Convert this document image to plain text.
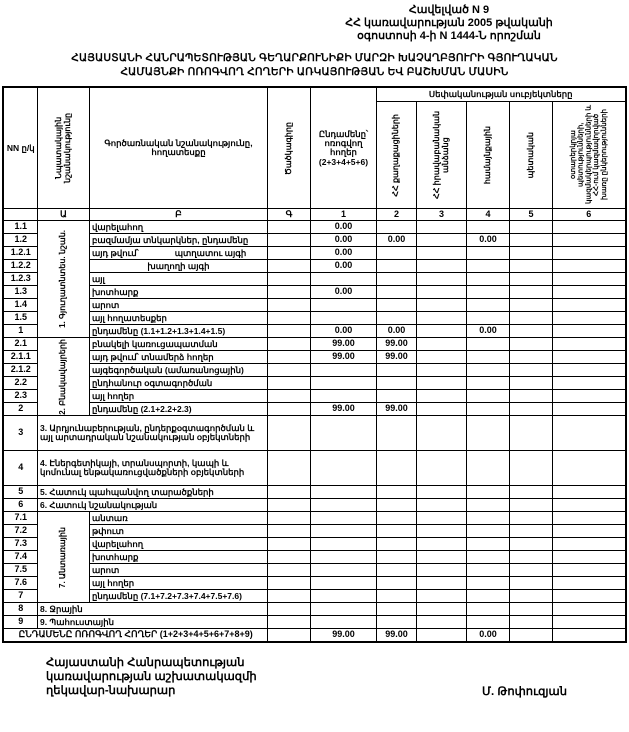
Հավելված N 9
ՀՀ կառավարության 2005 թվականի
օգոստոսի 4-ի N 1444-Ն որոշման
ՀԱՅԱՍՏԱՆԻ ՀԱՆՐԱՊԵՏՈՒԹՅԱՆ ԳԵՂԱՐՔՈՒՆԻՔԻ ՄԱՐԶԻ ԽԱՉԱՂԲՅՈՒՐԻ ԳՅՈՒՂԱԿԱՆ
ՀԱՄԱՅՆՔԻ ՈՌՈԳՎՈՂ ՀՈՂԵՐԻ ԱՌԿԱՅՈՒԹՅԱՆ ԵՎ ԲԱՇԽՄԱՆ ՄԱՍԻՆ
NN ը/կ	Նպատակային նշանակությունը	Գործառնական նշանակությունը, հողատեսքը	Ծածկագիրը	Ընդամենը՝ ոռոգվող հողեր (2+3+4+5+6)	Սեփականության սուբյեկտները				

					ՀՀ քաղաքացիների	ՀՀ իրավաբանական անձանց	համայնքային	պետական	օտարերկրյա պետությունների, կազմակերպությունների և ՀՀ-ում կազմավորված խառը ընկերությունների

	Ա	Բ	Գ	1	2	3	4	5	6
1.1	1. Գյուղատնտես. նշան.	վարելահող		0.00					
1.2		բազմամյա տնկարկներ, ընդամենը		0.00	0.00		0.00		
1.2.1		այդ թվում՝ պտղատու այգի		0.00					
1.2.2		խաղողի այգի		0.00					
1.2.3		այլ							
1.3		խոտհարք		0.00					
1.4		արոտ							
1.5		այլ հողատեսքեր							
1		ընդամենը (1.1+1.2+1.3+1.4+1.5)		0.00	0.00		0.00		
2.1	2. Բնակավայրերի	բնակելի կառուցապատման		99.00	99.00				
2.1.1		այդ թվում՝ տնամերձ հողեր		99.00	99.00				
2.1.2		այգեգործական (ամառանոցային)							
2.2		ընդհանուր օգտագործման							
2.3		այլ հողեր							
2		ընդամենը (2.1+2.2+2.3)		99.00	99.00				
3	3. Արդյունաբերության, ընդերքօգտագործման և այլ արտադրական նշանակության օբյեկտների								
4	4. Էներգետիկայի, տրանսպորտի, կապի և կոմունալ ենթակառուցվածքների օբյեկտների								
5	5. Հատուկ պահպանվող տարածքների								
6	6. Հատուկ նշանակության								
7.1	7. Անտառային	անտառ							
7.2		թփուտ							
7.3		վարելահող							
7.4		խոտհարք							
7.5		արոտ							
7.6		այլ հողեր							
7		ընդամենը (7.1+7.2+7.3+7.4+7.5+7.6)							
8	8. Ջրային								
9	9. Պահուստային								
ԸՆԴԱՄԵՆԸ ՈՌՈԳՎՈՂ ՀՈՂԵՐ (1+2+3+4+5+6+7+8+9)				99.00	99.00		0.00		
Հայաստանի Հանրապետության
կառավարության աշխատակազմի
ղեկավար-նախարար	Մ. Թոփուզյան
